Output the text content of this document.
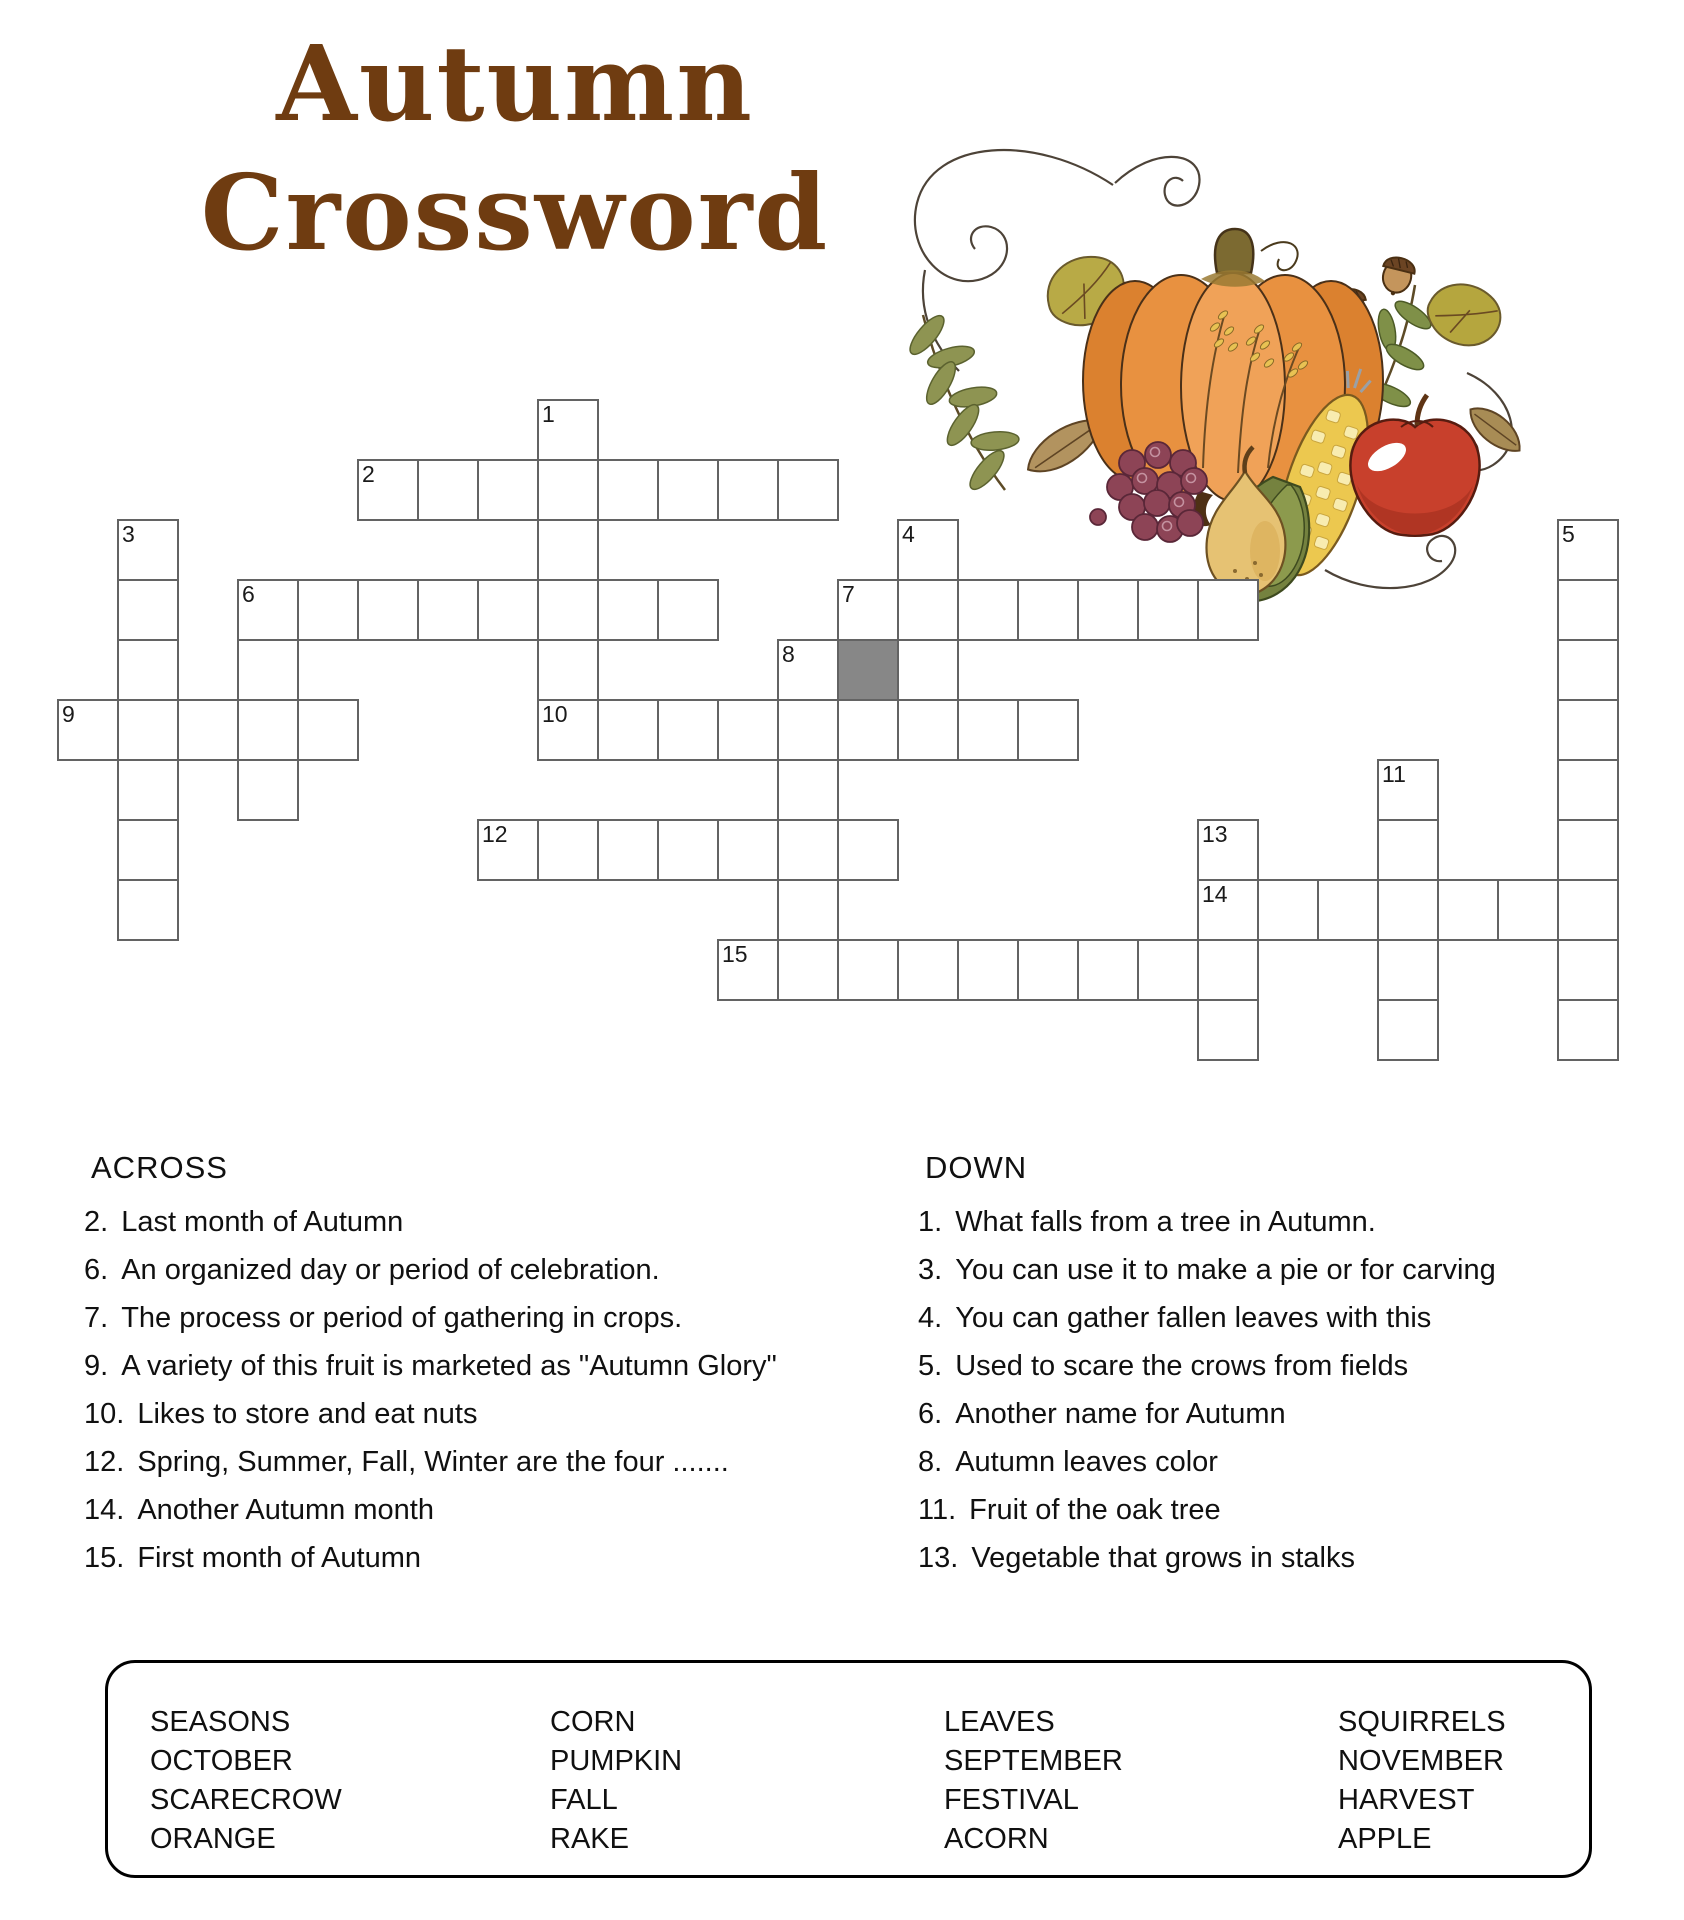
Autumn
Crossword
1
10
2
3	4	5
6	7
8
9
11
12	13
14
15
ACROSS
2. Last month of Autumn
6. An organized day or period of celebration.
7. The process or period of gathering in crops.
9. A variety of this fruit is marketed as "Autumn Glory"
10. Likes to store and eat nuts
12. Spring, Summer, Fall, Winter are the four .......
14. Another Autumn month
15. First month of Autumn
DOWN
1. What falls from a tree in Autumn.
3. You can use it to make a pie or for carving
4. You can gather fallen leaves with this
5. Used to scare the crows from fields
6. Another name for Autumn
8. Autumn leaves color
11. Fruit of the oak tree
13. Vegetable that grows in stalks
SEASONS
OCTOBER
SCARECROW
ORANGE
CORN
PUMPKIN
FALL
RAKE
LEAVES
SEPTEMBER
FESTIVAL
ACORN
SQUIRRELS
NOVEMBER
HARVEST
APPLE
